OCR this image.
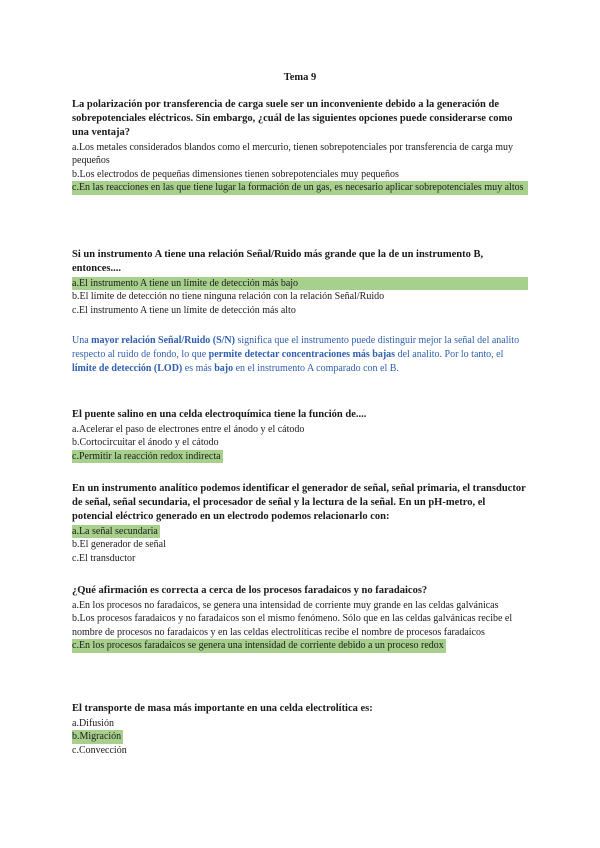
Tema 9
La polarización por transferencia de carga suele ser un inconveniente debido a la generación de sobrepotenciales eléctricos. Sin embargo, ¿cuál de las siguientes opciones puede considerarse como una ventaja?
a.Los metales considerados blandos como el mercurio, tienen sobrepotenciales por transferencia de carga muy pequeños
b.Los electrodos de pequeñas dimensiones tienen sobrepotenciales muy pequeños
c.En las reacciones en las que tiene lugar la formación de un gas, es necesario aplicar sobrepotenciales muy altos
Si un instrumento A tiene una relación Señal/Ruido más grande que la de un instrumento B, entonces....
a.El instrumento A tiene un límite de detección más bajo
b.El límite de detección no tiene ninguna relación con la relación Señal/Ruido
c.El instrumento A tiene un límite de detección más alto
Una mayor relación Señal/Ruido (S/N) significa que el instrumento puede distinguir mejor la señal del analito respecto al ruido de fondo, lo que permite detectar concentraciones más bajas del analito. Por lo tanto, el límite de detección (LOD) es más bajo en el instrumento A comparado con el B.
El puente salino en una celda electroquímica tiene la función de....
a.Acelerar el paso de electrones entre el ánodo y el cátodo
b.Cortocircuitar el ánodo y el cátodo
c.Permitir la reacción redox indirecta
En un instrumento analítico podemos identificar el generador de señal, señal primaria, el transductor de señal, señal secundaria, el procesador de señal y la lectura de la señal. En un pH-metro, el potencial eléctrico generado en un electrodo podemos relacionarlo con:
a.La señal secundaria
b.El generador de señal
c.El transductor
¿Qué afirmación es correcta a cerca de los procesos faradaicos y no faradaicos?
a.En los procesos no faradaicos, se genera una intensidad de corriente muy grande en las celdas galvánicas
b.Los procesos faradaicos y no faradaicos son el mismo fenómeno. Sólo que en las celdas galvánicas recibe el nombre de procesos no faradaicos y en las celdas electrolíticas recibe el nombre de procesos faradaicos
c.En los procesos faradaicos se genera una intensidad de corriente debido a un proceso redox
El transporte de masa más importante en una celda electrolítica es:
a.Difusión
b.Migración
c.Convección
